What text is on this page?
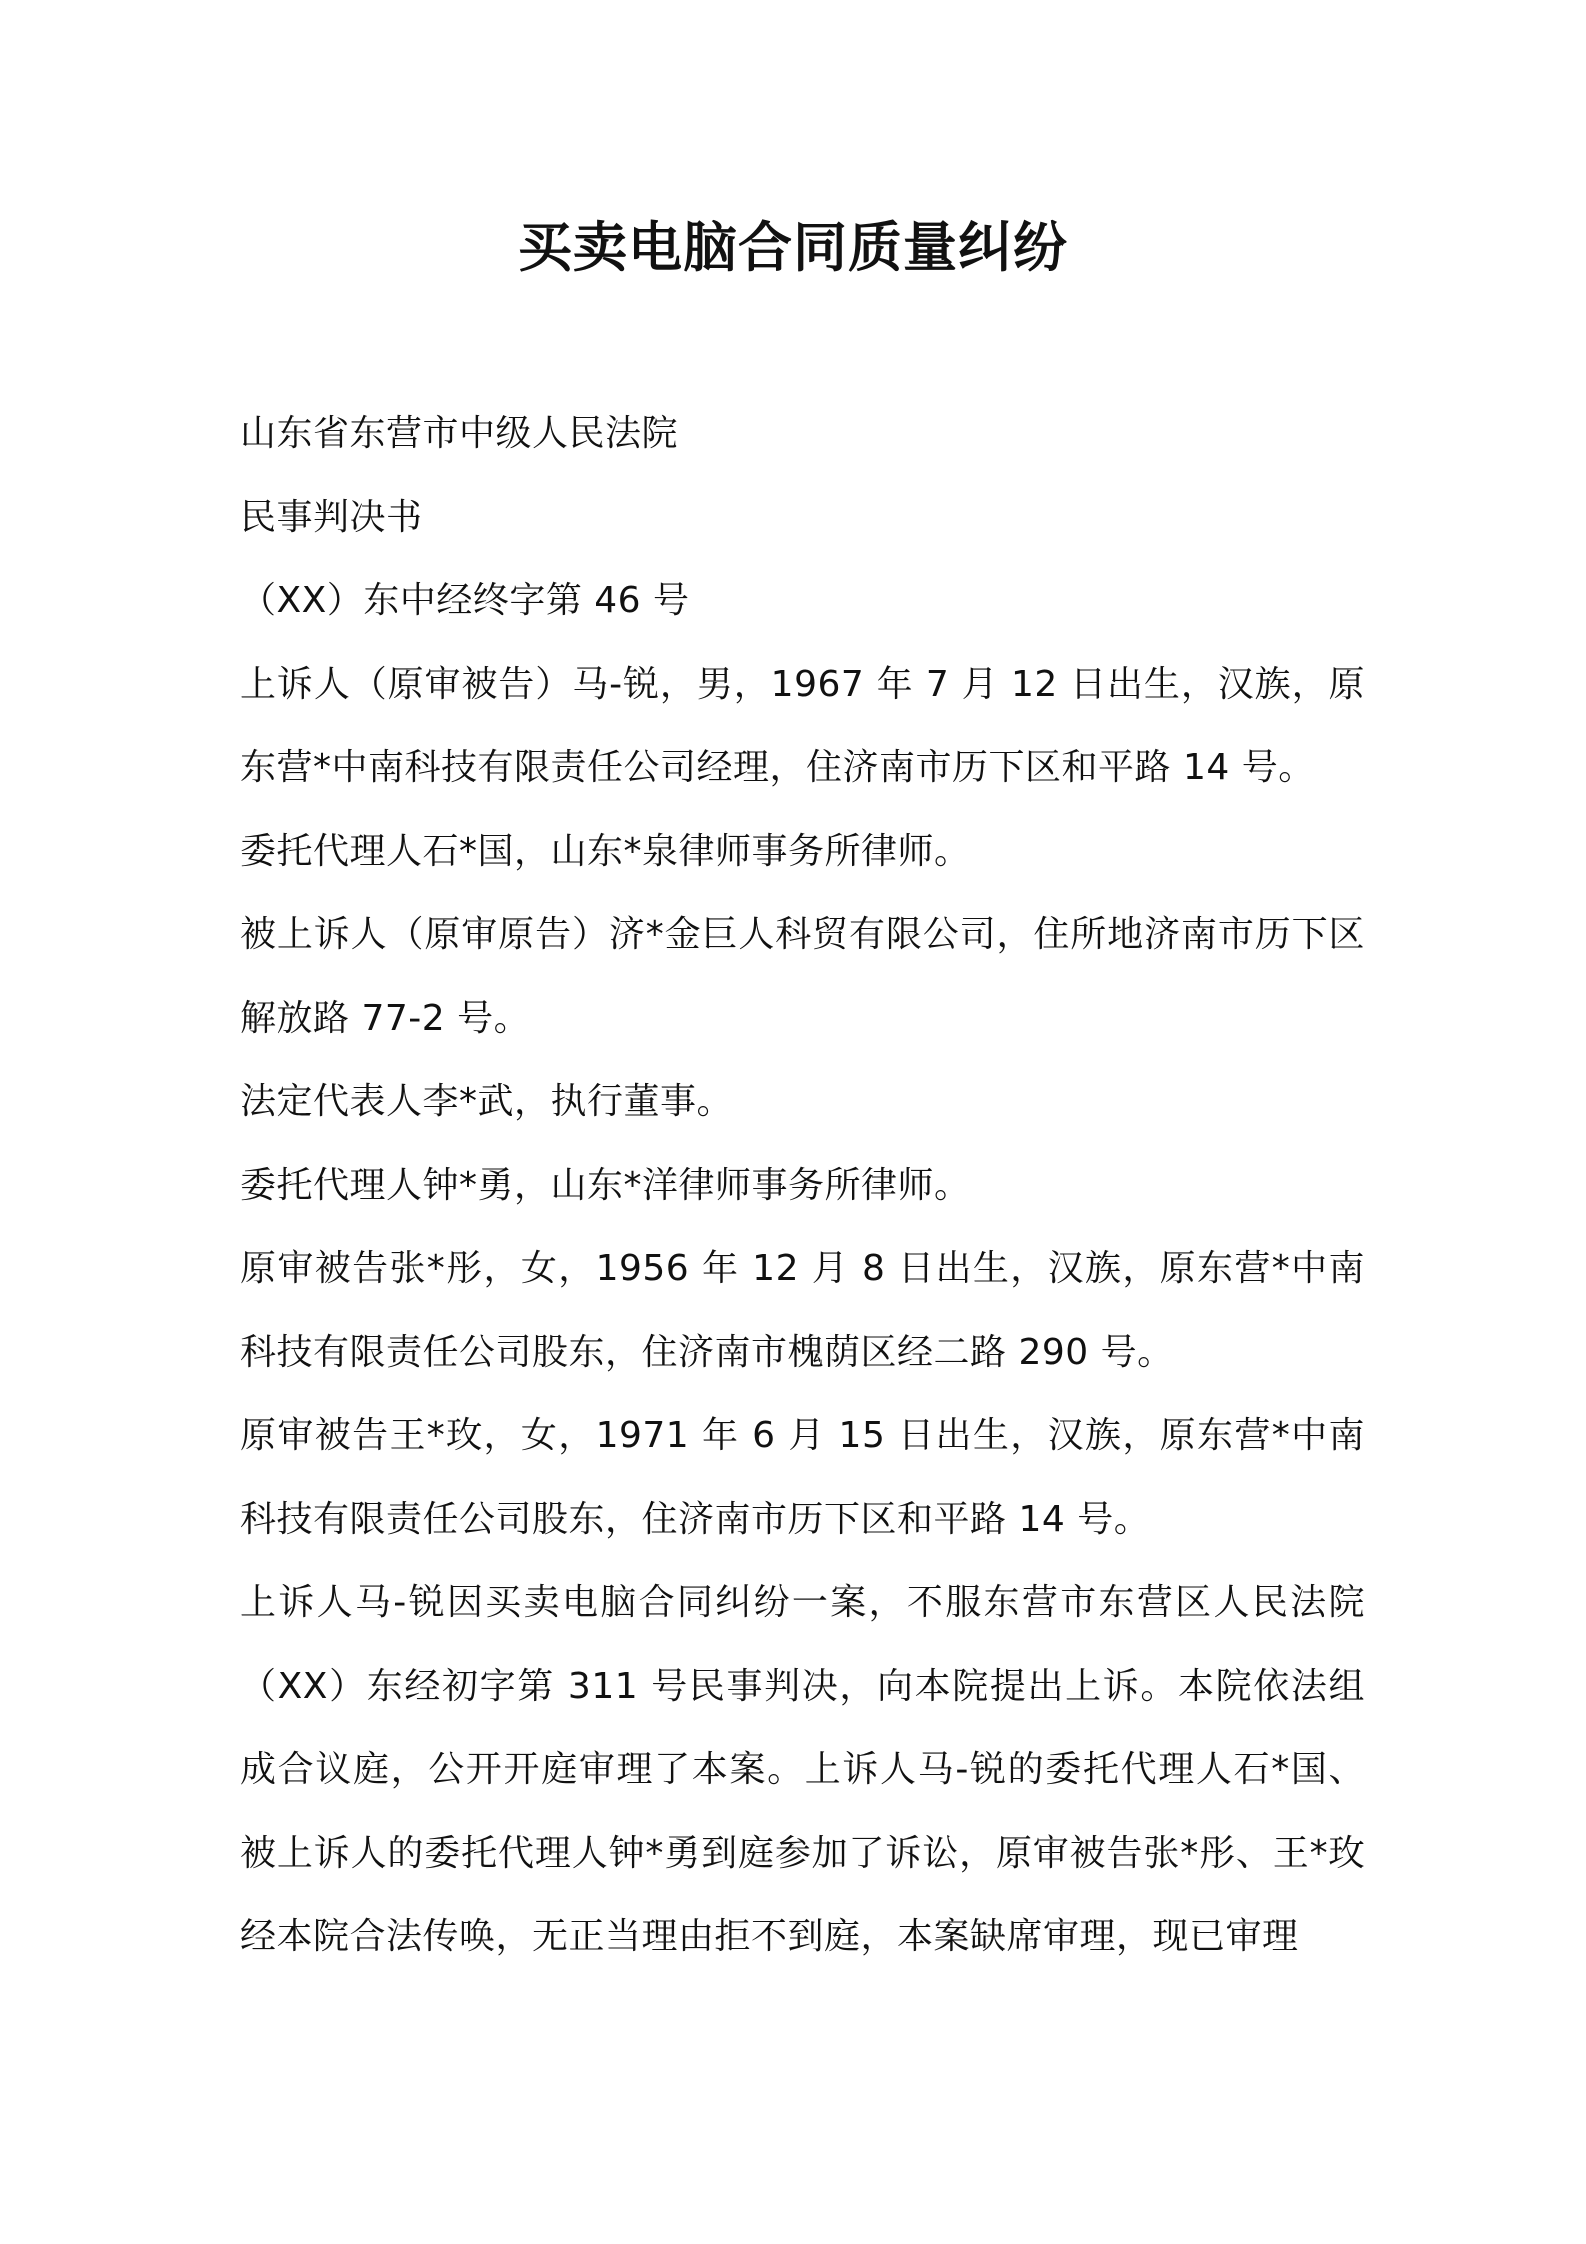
买卖电脑合同质量纠纷

山东省东营市中级人民法院

民事判决书

（XX）东中经终字第 46 号

上诉人（原审被告）马-锐，男，1967 年 7 月 12 日出生，汉族，原东营*中南科技有限责任公司经理，住济南市历下区和平路 14 号。

委托代理人石*国，山东*泉律师事务所律师。

被上诉人（原审原告）济*金巨人科贸有限公司，住所地济南市历下区解放路 77-2 号。

法定代表人李*武，执行董事。

委托代理人钟*勇，山东*洋律师事务所律师。

原审被告张*彤，女，1956 年 12 月 8 日出生，汉族，原东营*中南科技有限责任公司股东，住济南市槐荫区经二路 290 号。

原审被告王*玫，女，1971 年 6 月 15 日出生，汉族，原东营*中南科技有限责任公司股东，住济南市历下区和平路 14 号。

上诉人马-锐因买卖电脑合同纠纷一案，不服东营市东营区人民法院（XX）东经初字第 311 号民事判决，向本院提出上诉。本院依法组成合议庭，公开开庭审理了本案。上诉人马-锐的委托代理人石*国、被上诉人的委托代理人钟*勇到庭参加了诉讼，原审被告张*彤、王*玫经本院合法传唤，无正当理由拒不到庭，本案缺席审理，现已审理
